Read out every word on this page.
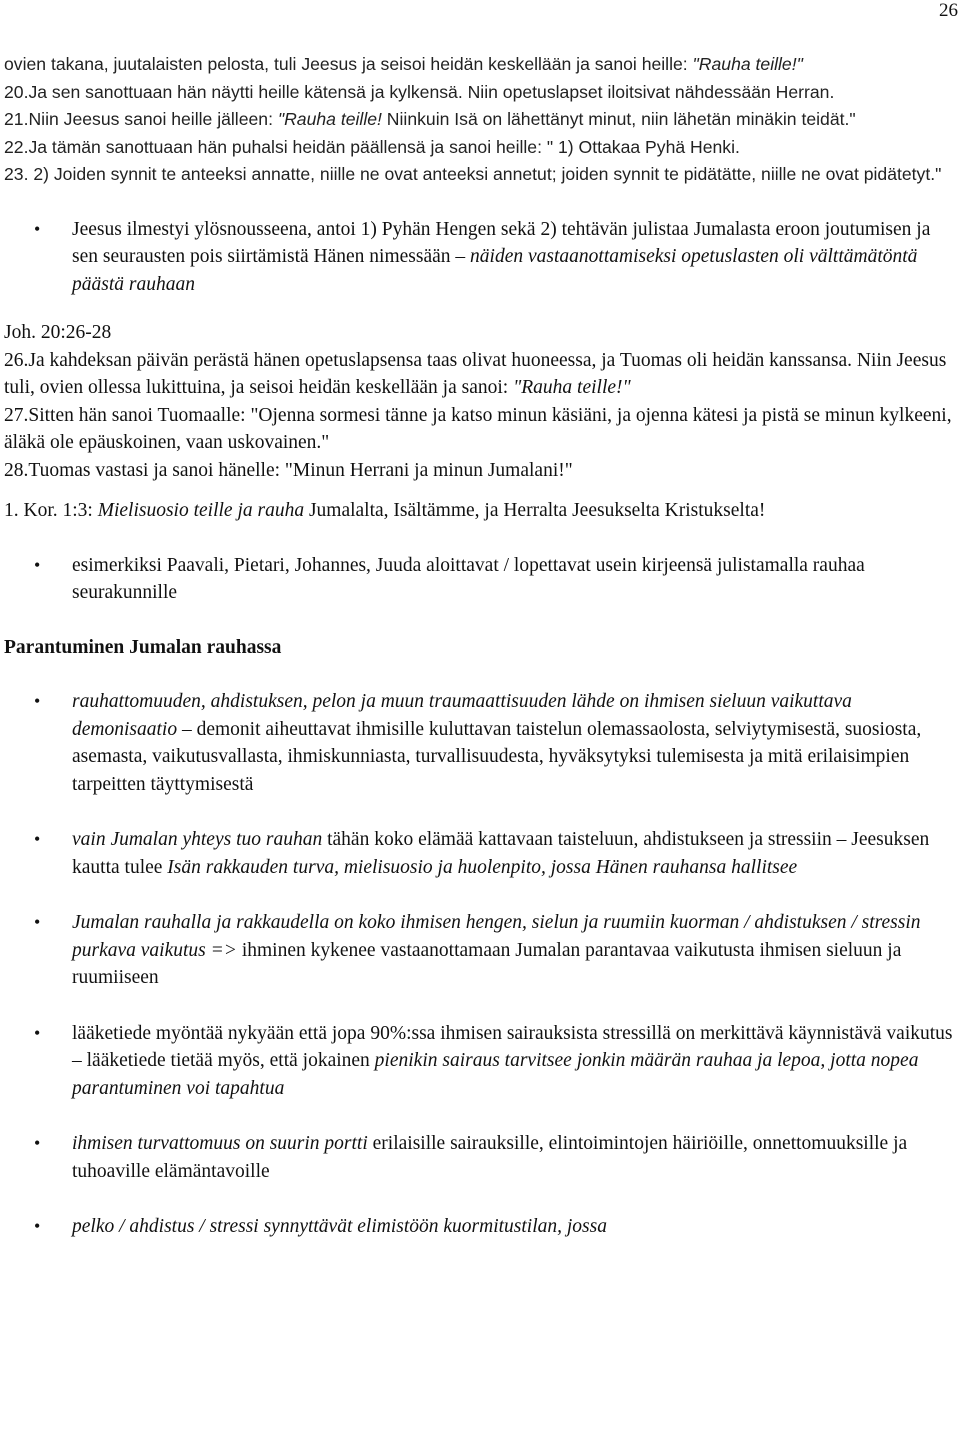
26

ovien takana, juutalaisten pelosta, tuli Jeesus ja seisoi heidän keskellään ja sanoi heille: "Rauha teille!"

20.Ja sen sanottuaan hän näytti heille kätensä ja kylkensä. Niin opetuslapset iloitsivat nähdessään Herran.

21.Niin Jeesus sanoi heille jälleen: "Rauha teille! Niinkuin Isä on lähettänyt minut, niin lähetän minäkin teidät."

22.Ja tämän sanottuaan hän puhalsi heidän päällensä ja sanoi heille: " 1) Ottakaa Pyhä Henki.

23. 2) Joiden synnit te anteeksi annatte, niille ne ovat anteeksi annetut; joiden synnit te pidätätte, niille ne ovat pidätetyt."

• Jeesus ilmestyi ylösnousseena, antoi 1) Pyhän Hengen sekä 2) tehtävän julistaa Jumalasta eroon joutumisen ja sen seurausten pois siirtämistä Hänen nimessään – näiden vastaanottamiseksi opetuslasten oli välttämätöntä päästä rauhaan

Joh. 20:26-28

26.Ja kahdeksan päivän perästä hänen opetuslapsensa taas olivat huoneessa, ja Tuomas oli heidän kanssansa. Niin Jeesus tuli, ovien ollessa lukittuina, ja seisoi heidän keskellään ja sanoi: "Rauha teille!"

27.Sitten hän sanoi Tuomaalle: "Ojenna sormesi tänne ja katso minun käsiäni, ja ojenna kätesi ja pistä se minun kylkeeni, äläkä ole epäuskoinen, vaan uskovainen."

28.Tuomas vastasi ja sanoi hänelle: "Minun Herrani ja minun Jumalani!"

1. Kor. 1:3: Mielisuosio teille ja rauha Jumalalta, Isältämme, ja Herralta Jeesukselta Kristukselta!

• esimerkiksi Paavali, Pietari, Johannes, Juuda aloittavat / lopettavat usein kirjeensä julistamalla rauhaa seurakunnille

Parantuminen Jumalan rauhassa

• rauhattomuuden, ahdistuksen, pelon ja muun traumaattisuuden lähde on ihmisen sieluun vaikuttava demonisaatio – demonit aiheuttavat ihmisille kuluttavan taistelun olemassaolosta, selviytymisestä, suosiosta, asemasta, vaikutusvallasta, ihmiskunniasta, turvallisuudesta, hyväksytyksi tulemisesta ja mitä erilaisimpien tarpeitten täyttymisestä
• vain Jumalan yhteys tuo rauhan tähän koko elämää kattavaan taisteluun, ahdistukseen ja stressiin – Jeesuksen kautta tulee Isän rakkauden turva, mielisuosio ja huolenpito, jossa Hänen rauhansa hallitsee
• Jumalan rauhalla ja rakkaudella on koko ihmisen hengen, sielun ja ruumiin kuorman / ahdistuksen / stressin purkava vaikutus => ihminen kykenee vastaanottamaan Jumalan parantavaa vaikutusta ihmisen sieluun ja ruumiiseen
• lääketiede myöntää nykyään että jopa 90%:ssa ihmisen sairauksista stressillä on merkittävä käynnistävä vaikutus – lääketiede tietää myös, että jokainen pienikin sairaus tarvitsee jonkin määrän rauhaa ja lepoa, jotta nopea parantuminen voi tapahtua
• ihmisen turvattomuus on suurin portti erilaisille sairauksille, elintoimintojen häiriöille, onnettomuuksille ja tuhoaville elämäntavoille
• pelko / ahdistus / stressi synnyttävät elimistöön kuormitustilan, jossa
